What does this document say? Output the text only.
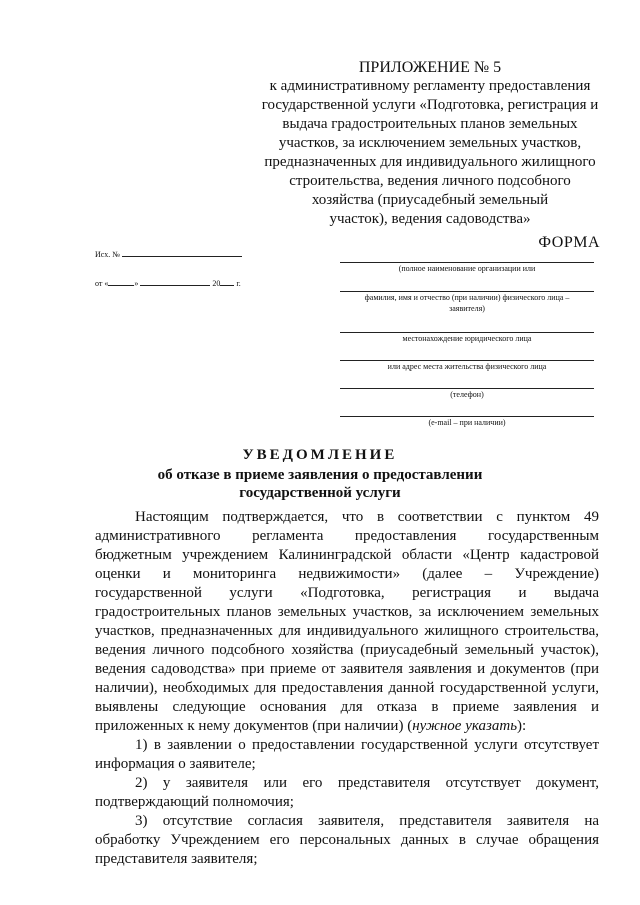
ПРИЛОЖЕНИЕ № 5
к административному регламенту предоставления
государственной услуги «Подготовка, регистрация и
выдача градостроительных планов земельных
участков, за исключением земельных участков,
предназначенных для индивидуального жилищного
строительства, ведения личного подсобного
хозяйства (приусадебный земельный
участок), ведения садоводства»
ФОРМА
Исх. №
от «	»	20 г.
(полное наименование организации или
фамилия, имя и отчество (при наличии) физического лица –
заявителя)
местонахождение юридического лица
или адрес места жительства физического лица
(телефон)
(e-mail – при наличии)
УВЕДОМЛЕНИЕ
об отказе в приеме заявления о предоставлении
государственной услуги

Настоящим подтверждается, что в соответствии с пунктом 49

административного регламента предоставления государственным

бюджетным учреждением Калининградской области «Центр кадастровой

оценки и мониторинга недвижимости» (далее – Учреждение)

государственной услуги «Подготовка, регистрация и выдача

градостроительных планов земельных участков, за исключением земельных

участков, предназначенных для индивидуального жилищного строительства,

ведения личного подсобного хозяйства (приусадебный земельный участок),

ведения садоводства» при приеме от заявителя заявления и документов (при

наличии), необходимых для предоставления данной государственной услуги,

выявлены следующие основания для отказа в приеме заявления и

приложенных к нему документов (при наличии) (нужное указать):

1) в заявлении о предоставлении государственной услуги отсутствует

информация о заявителе;

2) у заявителя или его представителя отсутствует документ,

подтверждающий полномочия;

3) отсутствие согласия заявителя, представителя заявителя на

обработку Учреждением его персональных данных в случае обращения

представителя заявителя;
